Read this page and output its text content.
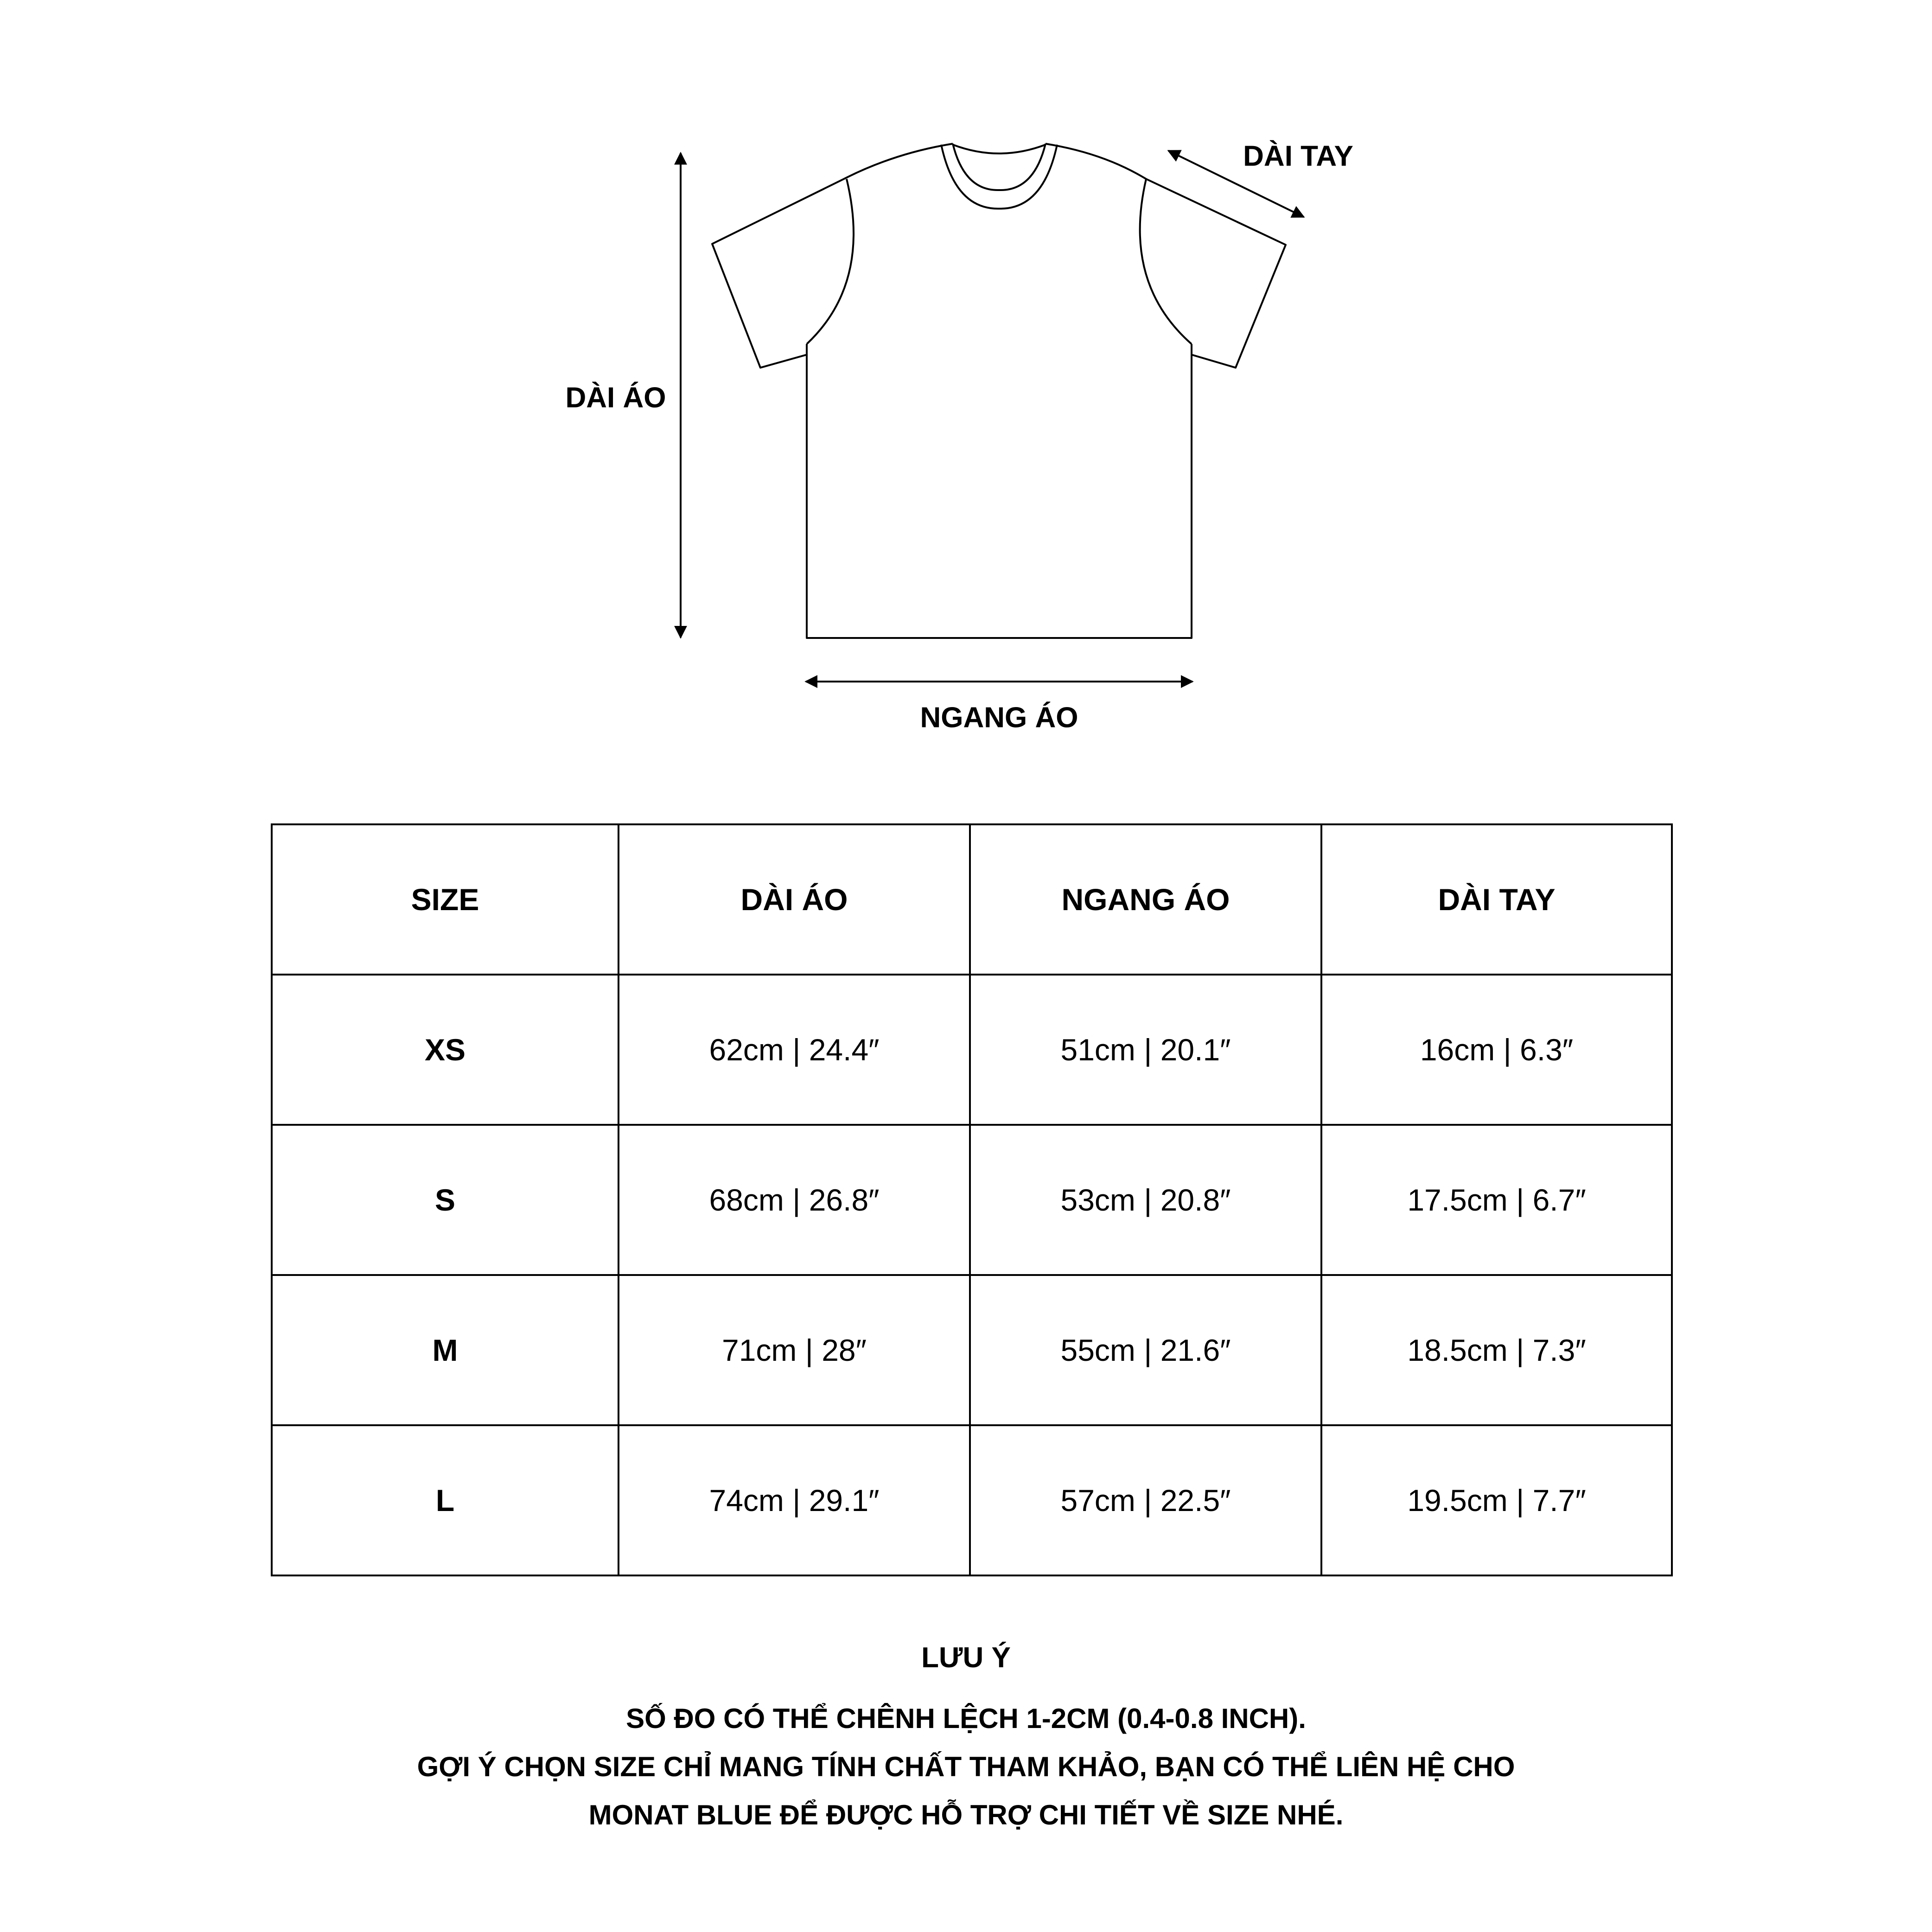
DÀI ÁO
NGANG ÁO
DÀI TAY
SIZE	DÀI ÁO	NGANG ÁO	DÀI TAY
XS	62cm | 24.4″	51cm | 20.1″	16cm | 6.3″
S	68cm | 26.8″	53cm | 20.8″	17.5cm | 6.7″
M	71cm | 28″	55cm | 21.6″	18.5cm | 7.3″
L	74cm | 29.1″	57cm | 22.5″	19.5cm | 7.7″
LƯU Ý
SỐ ĐO CÓ THỂ CHÊNH LỆCH 1-2CM (0.4-0.8 INCH).
GỢI Ý CHỌN SIZE CHỈ MANG TÍNH CHẤT THAM KHẢO, BẠN CÓ THỂ LIÊN HỆ CHO
MONAT BLUE ĐỂ ĐƯỢC HỖ TRỢ CHI TIẾT VỀ SIZE NHÉ.
